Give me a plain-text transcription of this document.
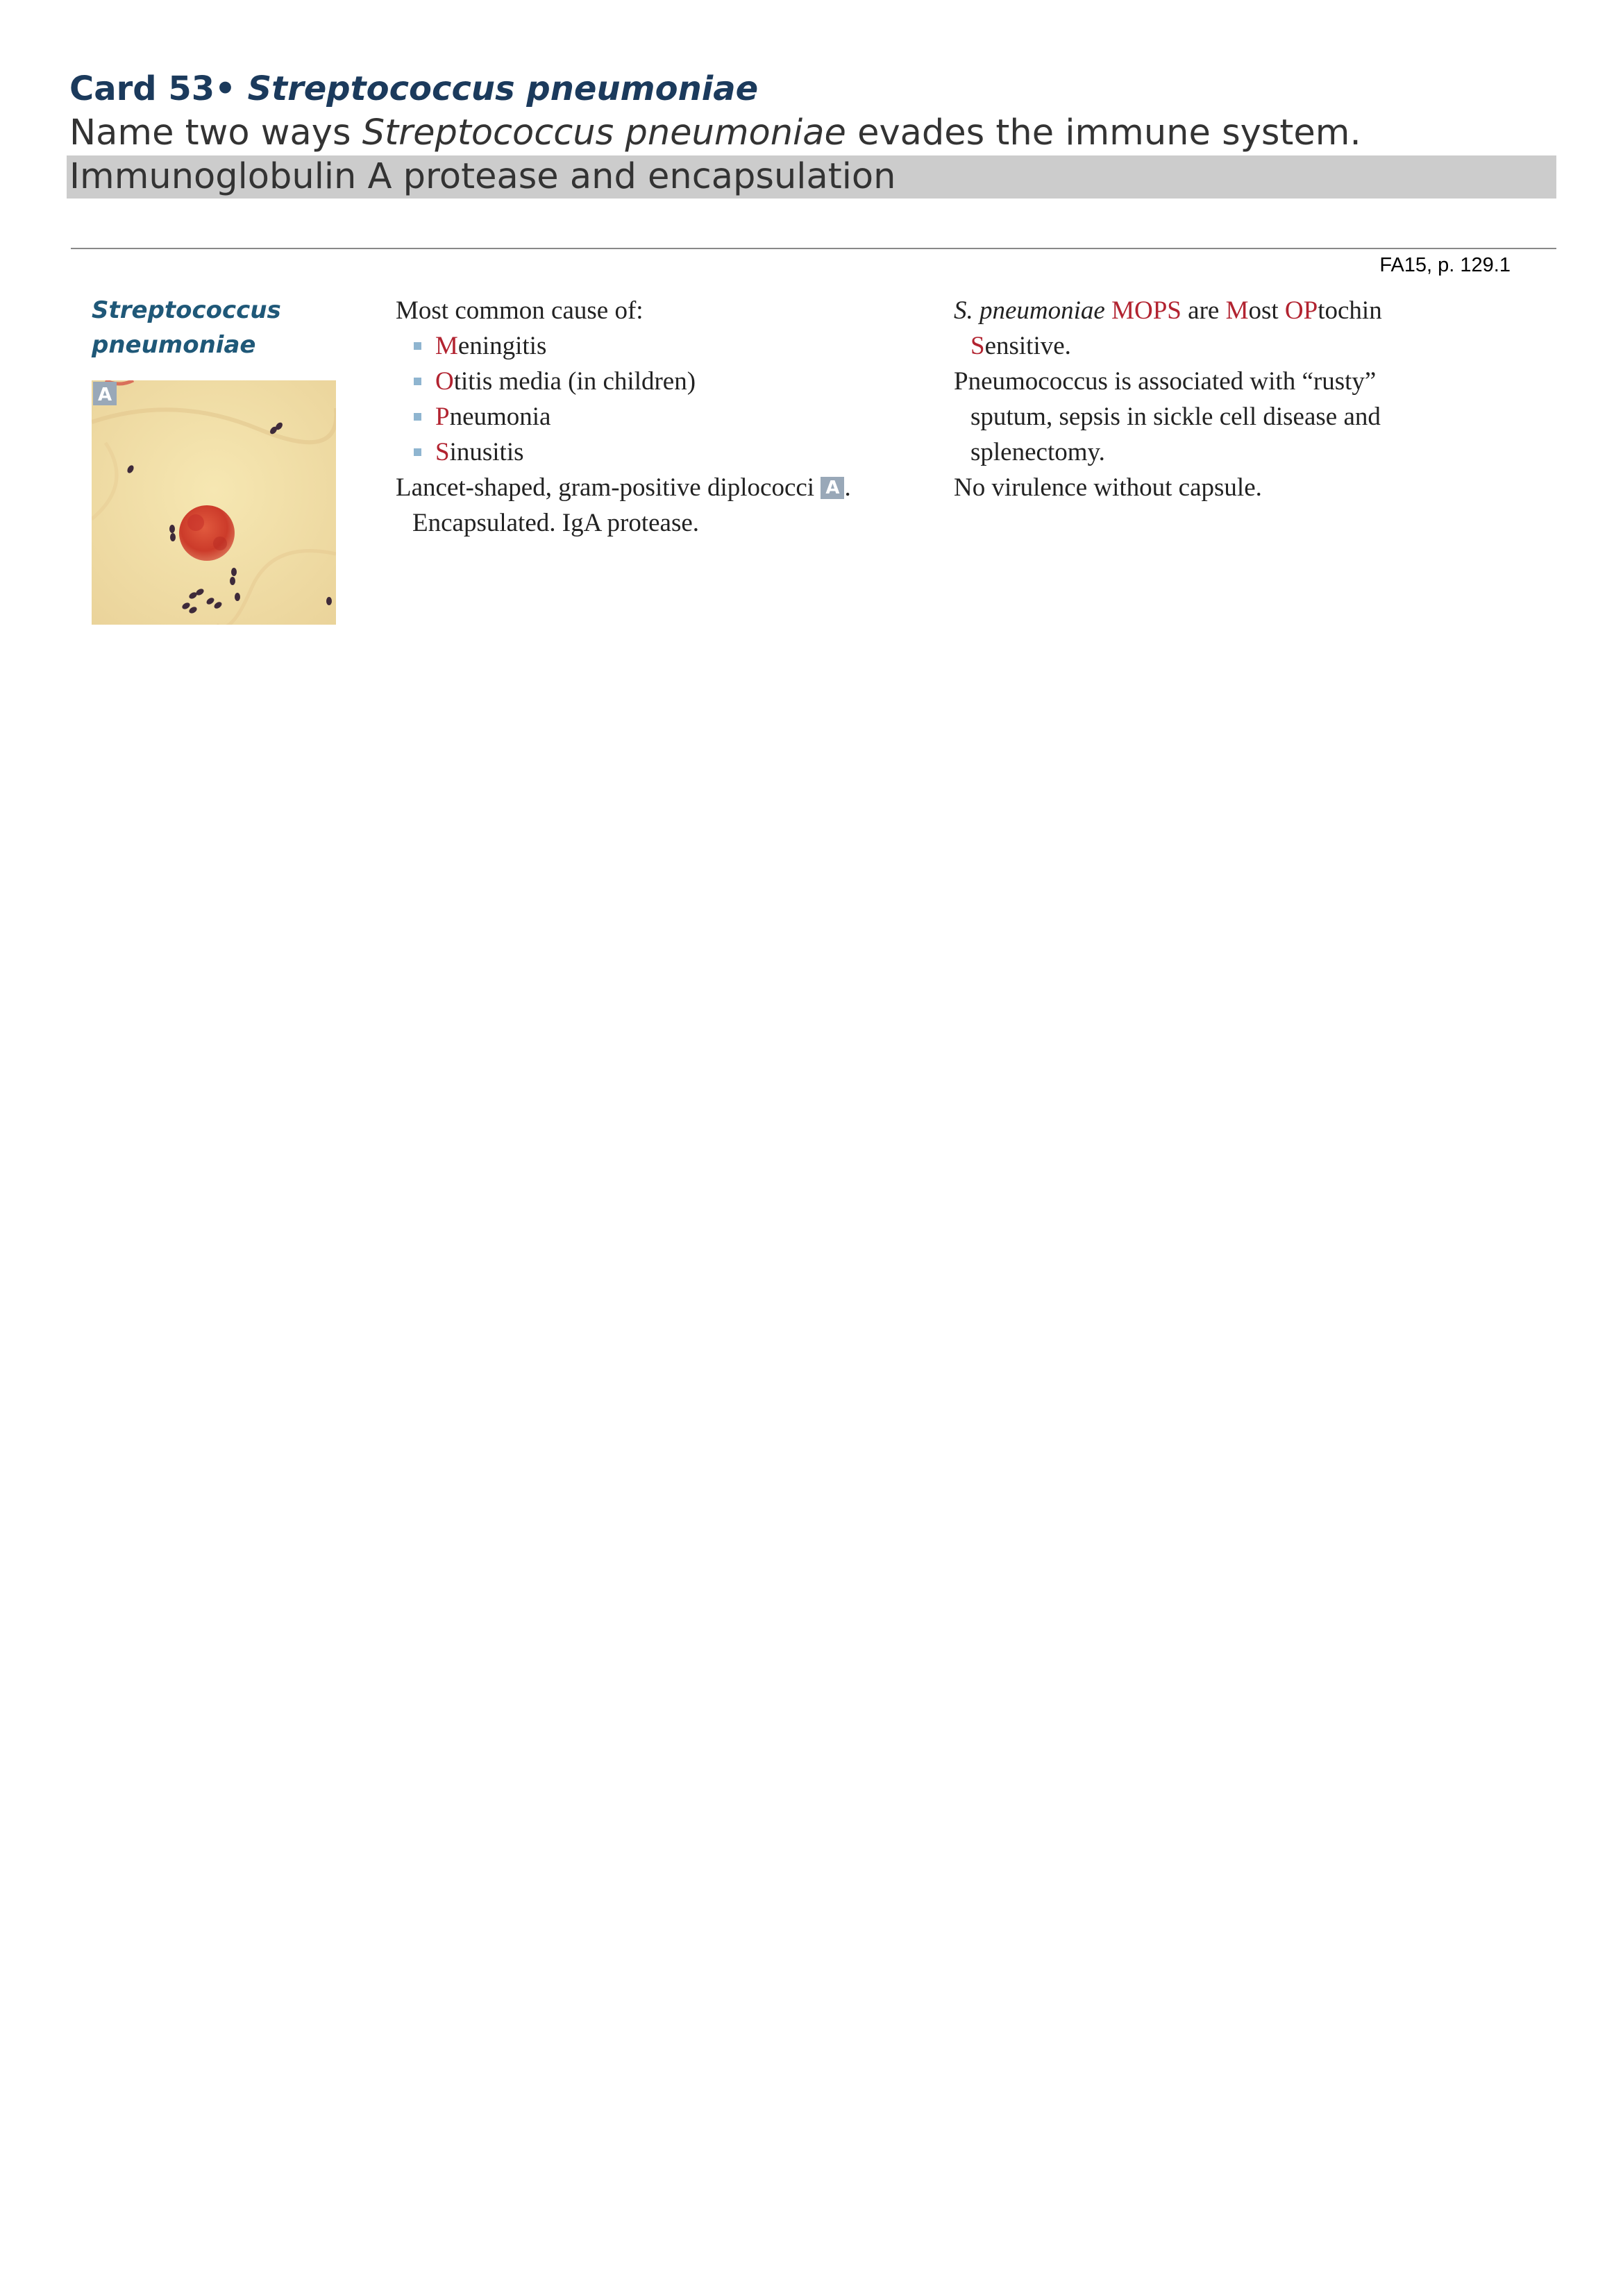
Card 53• Streptococcus pneumoniae
Name two ways Streptococcus pneumoniae evades the immune system.
Immunoglobulin A protease and encapsulation
FA15, p. 129.1
Streptococcus
pneumoniae
A
Most common cause of:
Meningitis
Otitis media (in children)
Pneumonia
Sinusitis
Lancet-shaped, gram-positive diplococci A .
Encapsulated. IgA protease.
S. pneumoniae MOPS are Most OPtochin
Sensitive.
Pneumococcus is associated with “rusty”
sputum, sepsis in sickle cell disease and
splenectomy.
No virulence without capsule.
